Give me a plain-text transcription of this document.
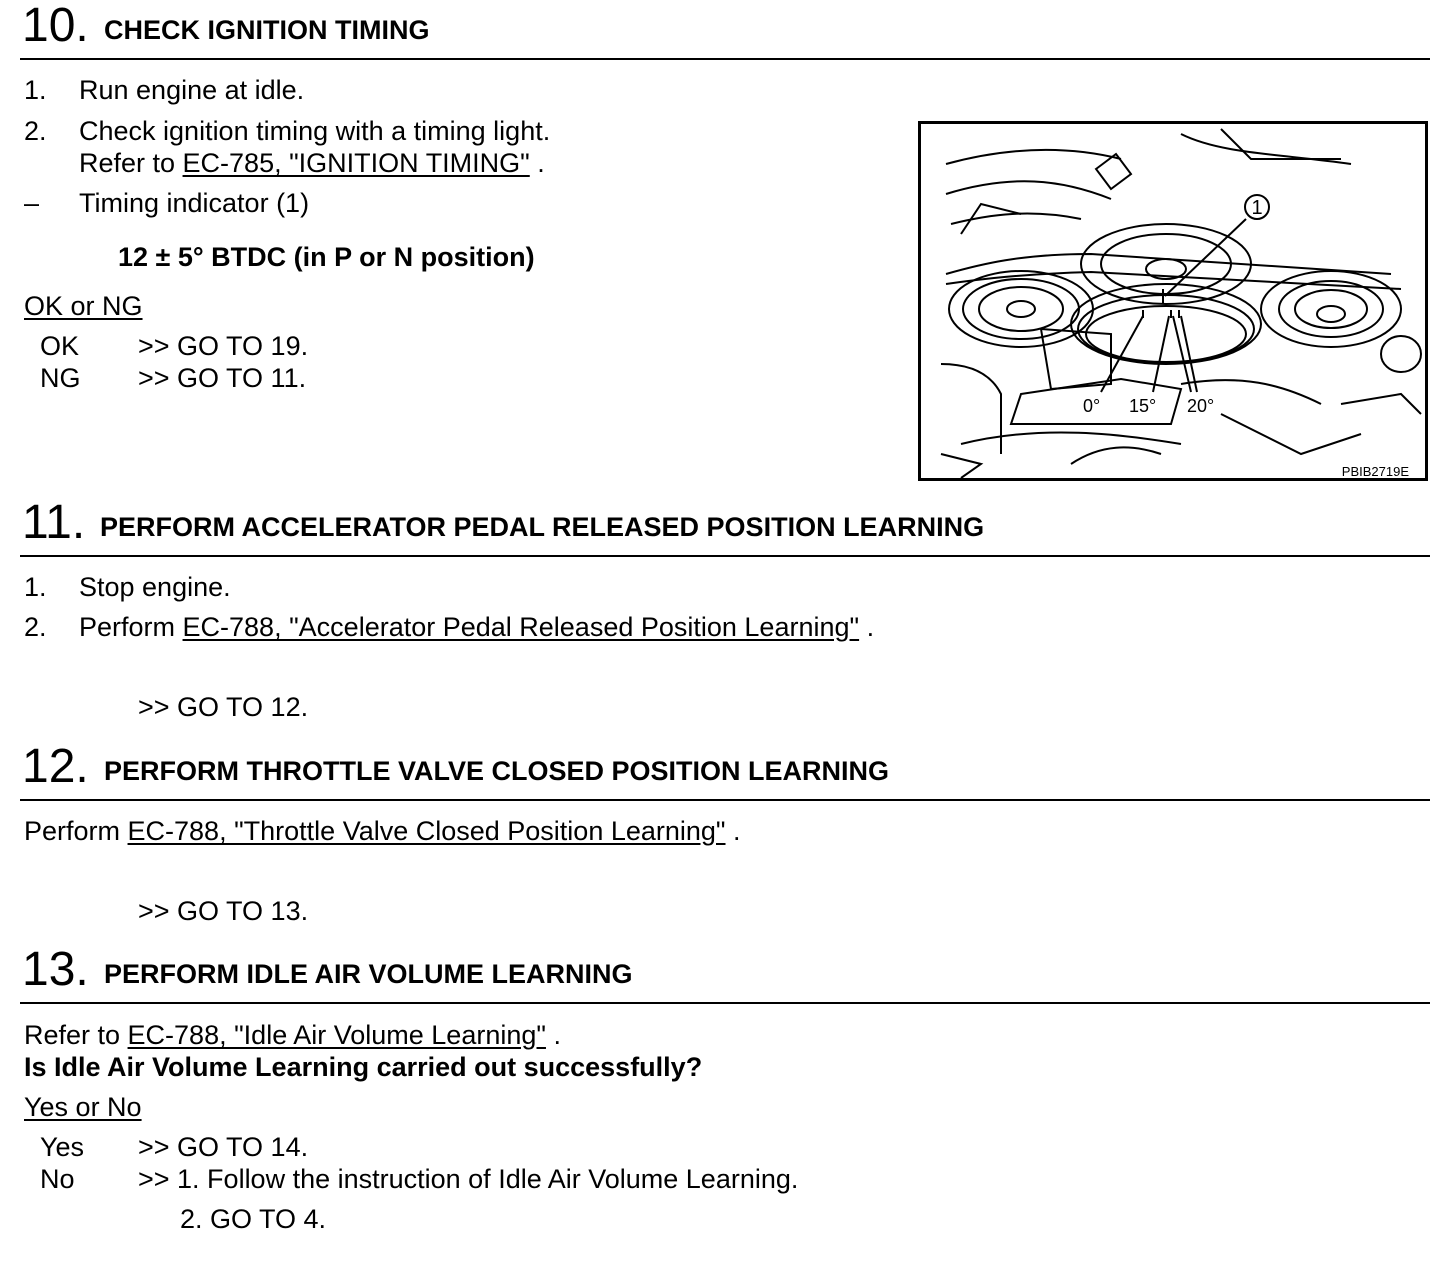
10. CHECK IGNITION TIMING
1. Run engine at idle.
2. Check ignition timing with a timing light.
Refer to EC-785, "IGNITION TIMING" .
– Timing indicator (1)
12 ± 5° BTDC (in P or N position)
OK or NG
OK >> GO TO 19.
NG >> GO TO 11.
1
0° 15° 20°
PBIB2719E
11. PERFORM ACCELERATOR PEDAL RELEASED POSITION LEARNING
1. Stop engine.
2. Perform EC-788, "Accelerator Pedal Released Position Learning" .
>> GO TO 12.
12. PERFORM THROTTLE VALVE CLOSED POSITION LEARNING
Perform EC-788, "Throttle Valve Closed Position Learning" .
>> GO TO 13.
13. PERFORM IDLE AIR VOLUME LEARNING
Refer to EC-788, "Idle Air Volume Learning" .
Is Idle Air Volume Learning carried out successfully?
Yes or No
Yes >> GO TO 14.
No >> 1. Follow the instruction of Idle Air Volume Learning.
2. GO TO 4.
